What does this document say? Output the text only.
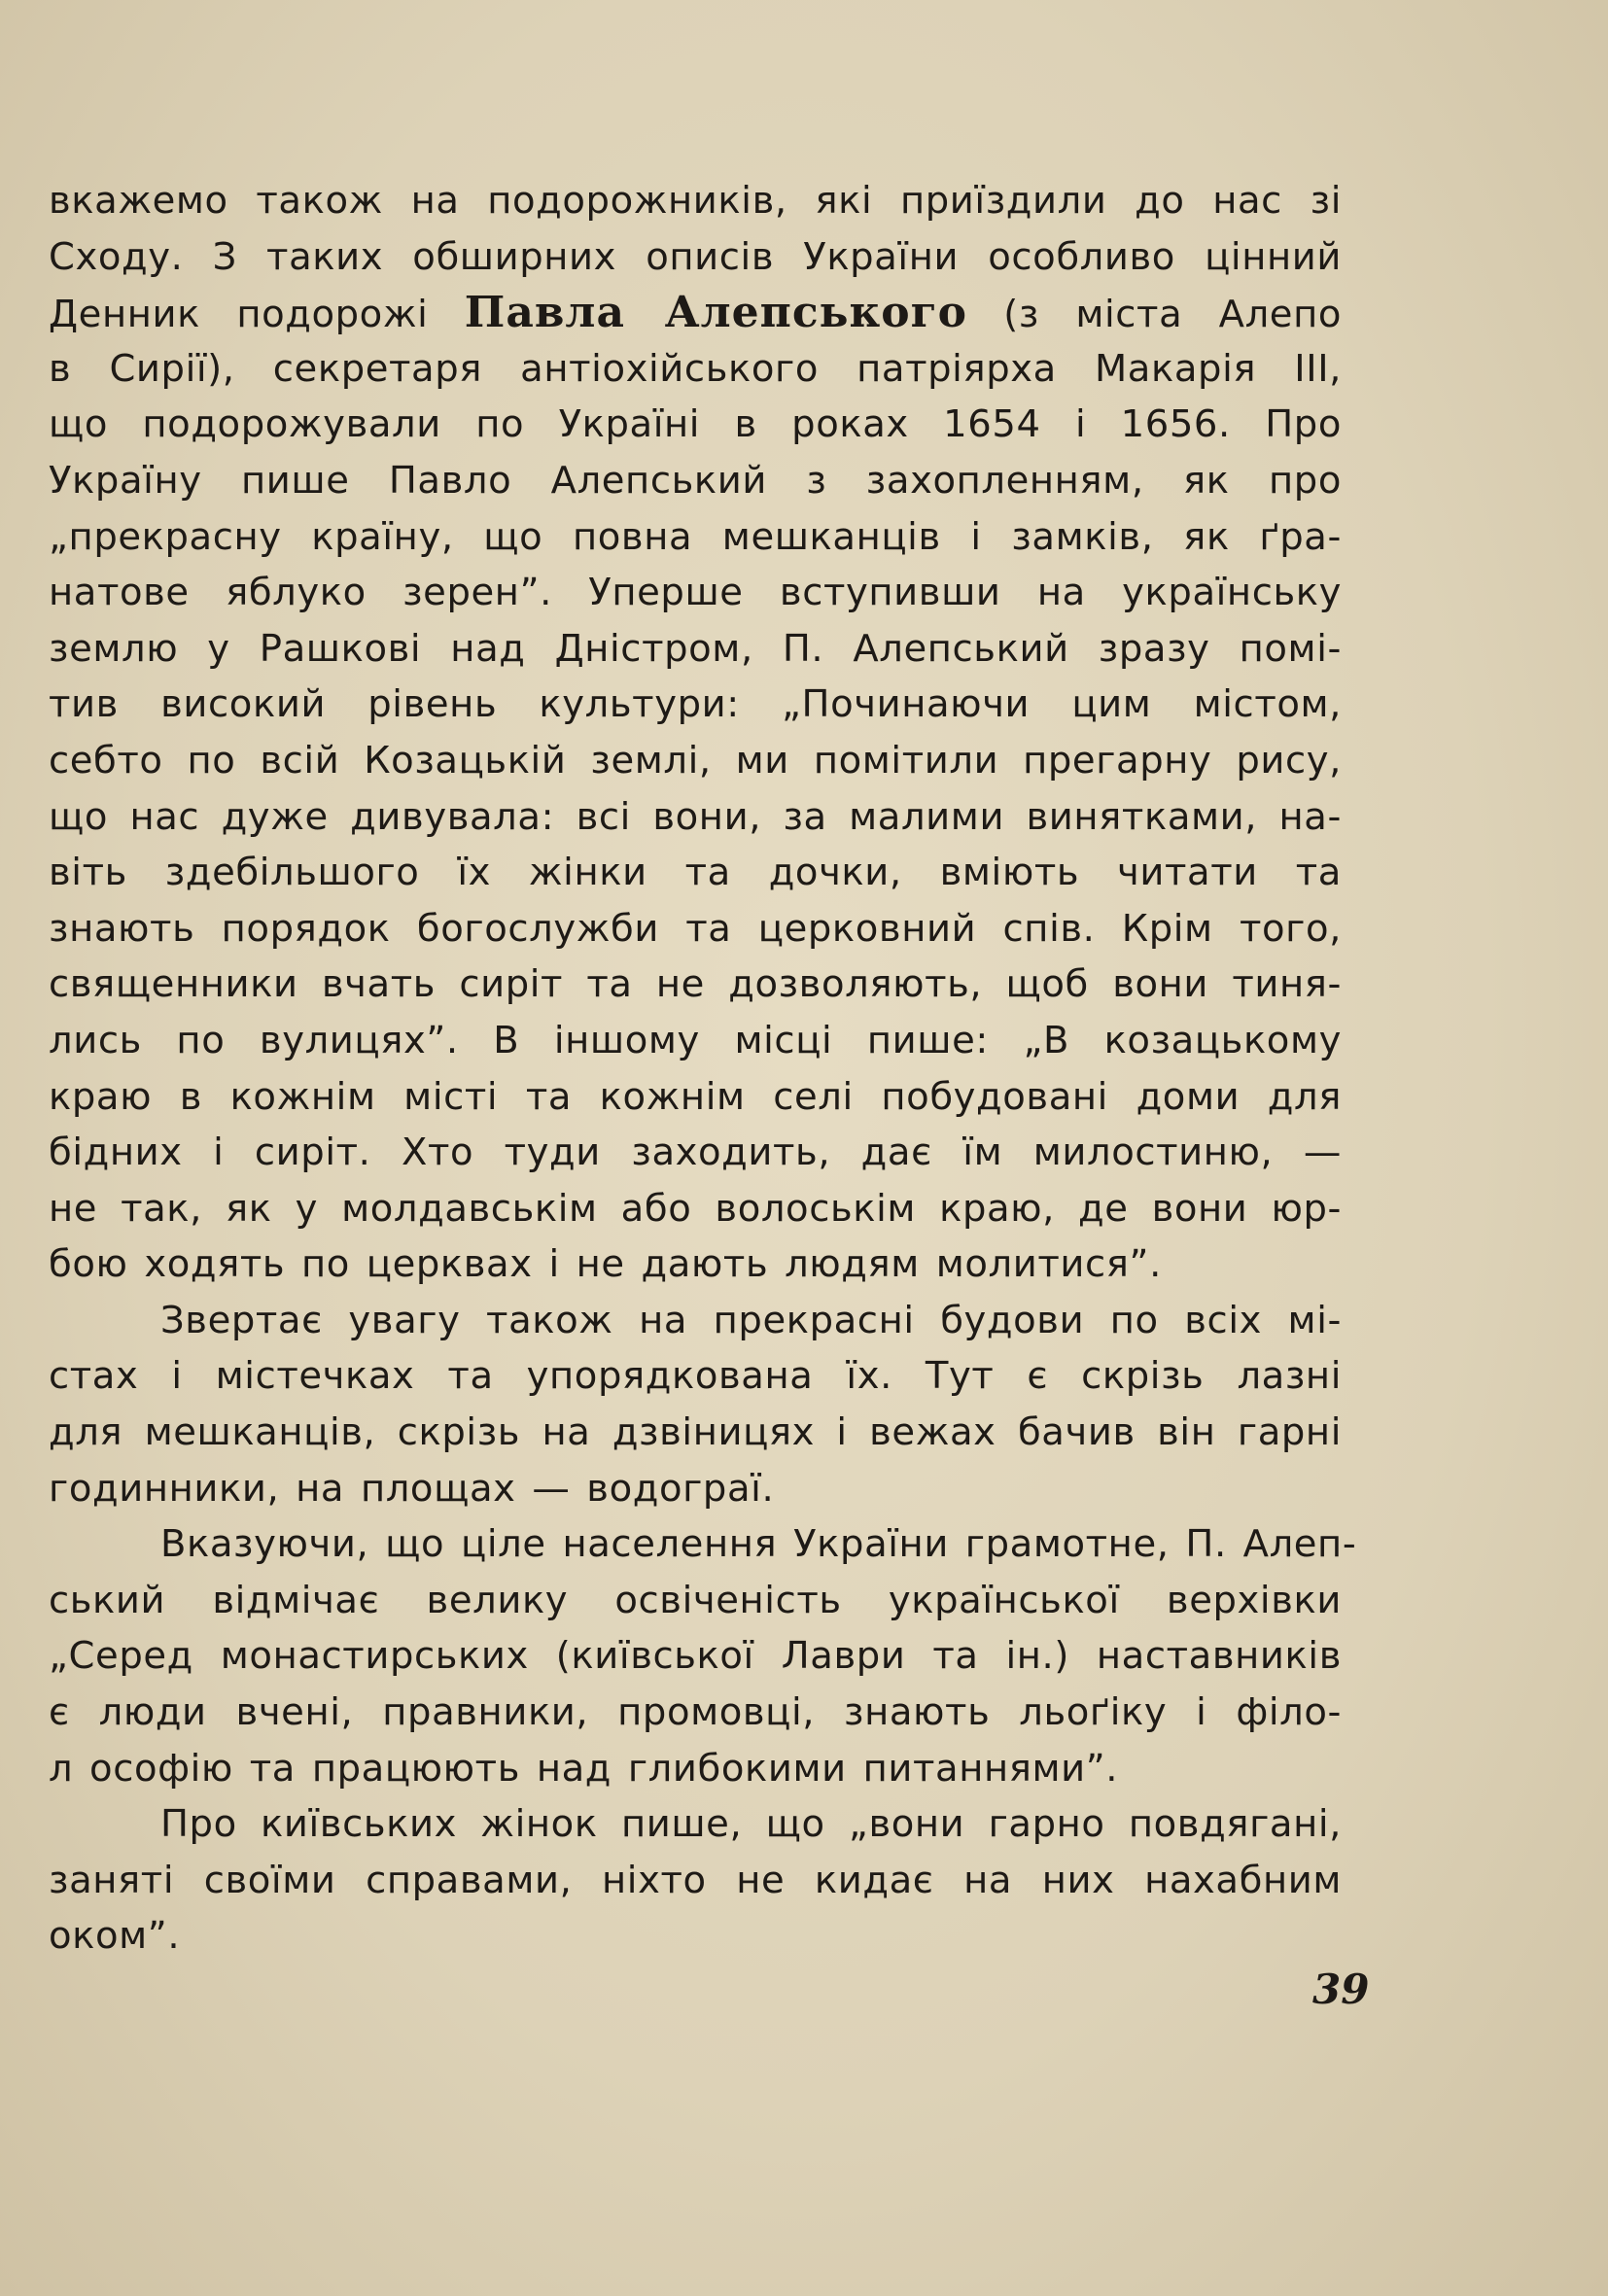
вкажемо також на подорожників, які приїздили до нас зі
Сходу. З таких обширних описів України особливо цінний
Денник подорожі Павла Алепського (з міста Алепо
в Сирії), секретаря антіохійського патріярха Макарія III,
що подорожували по Україні в роках 1654 і 1656. Про
Україну пише Павло Алепський з захопленням, як про
„прекрасну країну, що повна мешканців і замків, як ґра-
натове яблуко зерен”. Уперше вступивши на українську
землю у Рашкові над Дністром, П. Алепський зразу помі-
тив високий рівень культури: „Починаючи цим містом,
себто по всій Козацькій землі, ми помітили прегарну рису,
що нас дуже дивувала: всі вони, за малими винятками, на-
віть здебільшого їх жінки та дочки, вміють читати та
знають порядок богослужби та церковний спів. Крім того,
священники вчать сиріт та не дозволяють, щоб вони тиня-
лись по вулицях”. В іншому місці пише: „В козацькому
краю в кожнім місті та кожнім селі побудовані доми для
бідних і сиріт. Хто туди заходить, дає їм милостиню, —
не так, як у молдавськім або волоськім краю, де вони юр-
бою ходять по церквах і не дають людям молитися”.
Звертає увагу також на прекрасні будови по всіх мі-
стах і містечках та упорядкована їх. Тут є скрізь лазні
для мешканців, скрізь на дзвіницях і вежах бачив він гарні
годинники, на площах — водограї.
Вказуючи, що ціле населення України грамотне, П. Алеп-
ський відмічає велику освіченість української верхівки
„Серед монастирських (київської Лаври та ін.) наставників
є люди вчені, правники, промовці, знають льоґіку і філо-
л ософію та працюють над глибокими питаннями”.
Про київських жінок пише, що „вони гарно повдягані,
заняті своїми справами, ніхто не кидає на них нахабним
оком”.
39
